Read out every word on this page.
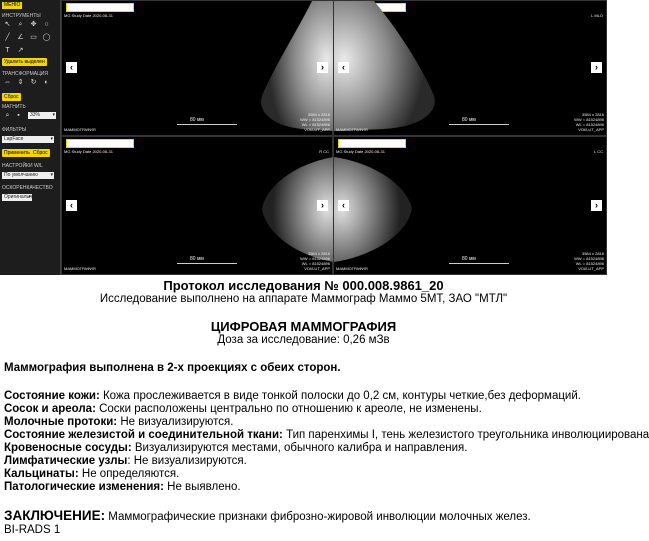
MEHIO
ИНСТРУМЕНТЫ
↖	⌕	✥	○
╱	∠ ▭ ◯
T	↗
Удалить выделен
ТРАНСФОРМАЦИЯ
⇔ ⇕ ↻	◐
Сброс
МАГНИТЬ
⌕	▪	33% ▾
ФИЛЬТРЫ
LapFace ▾
Применить Сброс
НАСТРОЙКИ W/L
По умолчанию ▾
ОСКОРЕНКАЧЕСТВО
Оригинальное ▾
MG Study Date 2020-08-31
‹	›
80 мм
МАММОГРАФИЯ
3584 x 2816
WW = 81524896
WL = 81524896
VOI/LUT_APP
L MLO
‹	›
80 мм
МАММОГРАФИЯ
3584 x 2816
WW = 81524896
WL = 81524896
VOI/LUT_APP
MG Study Date 2020-08-31	R CC
‹	›
80 мм
МАММОГРАФИЯ
3584 x 2816
WW = 81524896
WL = 81524896
VOI/LUT_APP
MG Study Date 2020-08-31	L CC
‹	›
80 мм
МАММОГРАФИЯ
3584 x 2816
WW = 81524896
WL = 81524896
VOI/LUT_APP
Протокол исследования № 000.008.9861_20
Исследование выполнено на аппарате Маммограф Маммо 5МТ, ЗАО "МТЛ"
ЦИФРОВАЯ МАММОГРАФИЯ
Доза за исследование: 0,26 мЗв
Маммография выполнена в 2-х проекциях с обеих сторон.
Состояние кожи: Кожа прослеживается в виде тонкой полоски до 0,2 см, контуры четкие,без деформаций.
Сосок и ареола: Соски расположены центрально по отношению к ареоле, не изменены.
Молочные протоки: Не визуализируются.
Состояние железистой и соединительной ткани: Тип паренхимы I, тень железистого треугольника инволюциирована
Кровеносные сосуды: Визуализируются местами, обычного калибра и направления.
Лимфатические узлы: Не визуализируются.
Кальцинаты: Не определяются.
Патологические изменения: Не выявлено.
ЗАКЛЮЧЕНИЕ: Маммографические признаки фиброзно-жировой инволюции молочных желез.
BI-RADS 1
